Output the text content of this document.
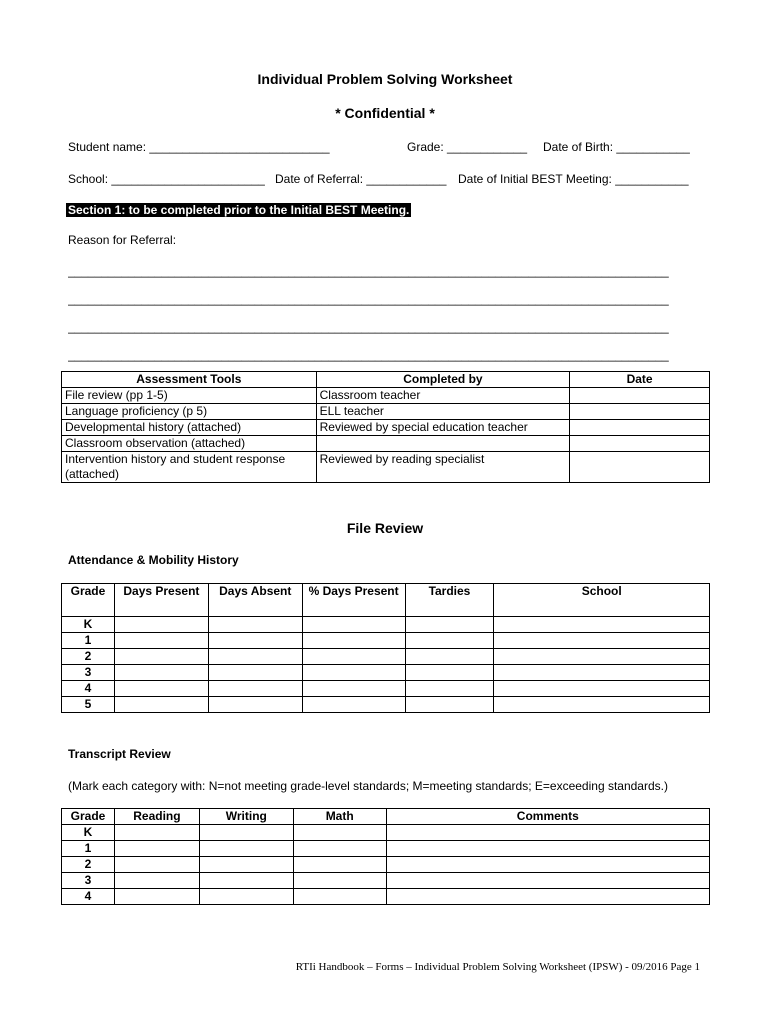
Individual Problem Solving Worksheet
* Confidential *
Student name: ___________________________	Grade: ____________ Date of Birth: ___________
School: _______________________ Date of Referral: ____________ Date of Initial BEST Meeting: ___________
Section 1: to be completed prior to the Initial BEST Meeting.
Reason for Referral:
__________________________________________________________________________________________
__________________________________________________________________________________________
__________________________________________________________________________________________
__________________________________________________________________________________________
Assessment Tools	Completed by	Date
File review (pp 1-5)	Classroom teacher	
Language proficiency (p 5)	ELL teacher	
Developmental history (attached)	Reviewed by special education teacher	
Classroom observation (attached)		
Intervention history and student response (attached)	Reviewed by reading specialist	
File Review
Attendance & Mobility History
Grade	Days Present	Days Absent	% Days Present	Tardies	School
K					
1					
2					
3					
4					
5					
Transcript Review
(Mark each category with: N=not meeting grade-level standards; M=meeting standards; E=exceeding standards.)
Grade	Reading	Writing	Math	Comments
K				
1				
2				
3				
4				
RTIi Handbook – Forms – Individual Problem Solving Worksheet (IPSW) - 09/2016 Page 1
